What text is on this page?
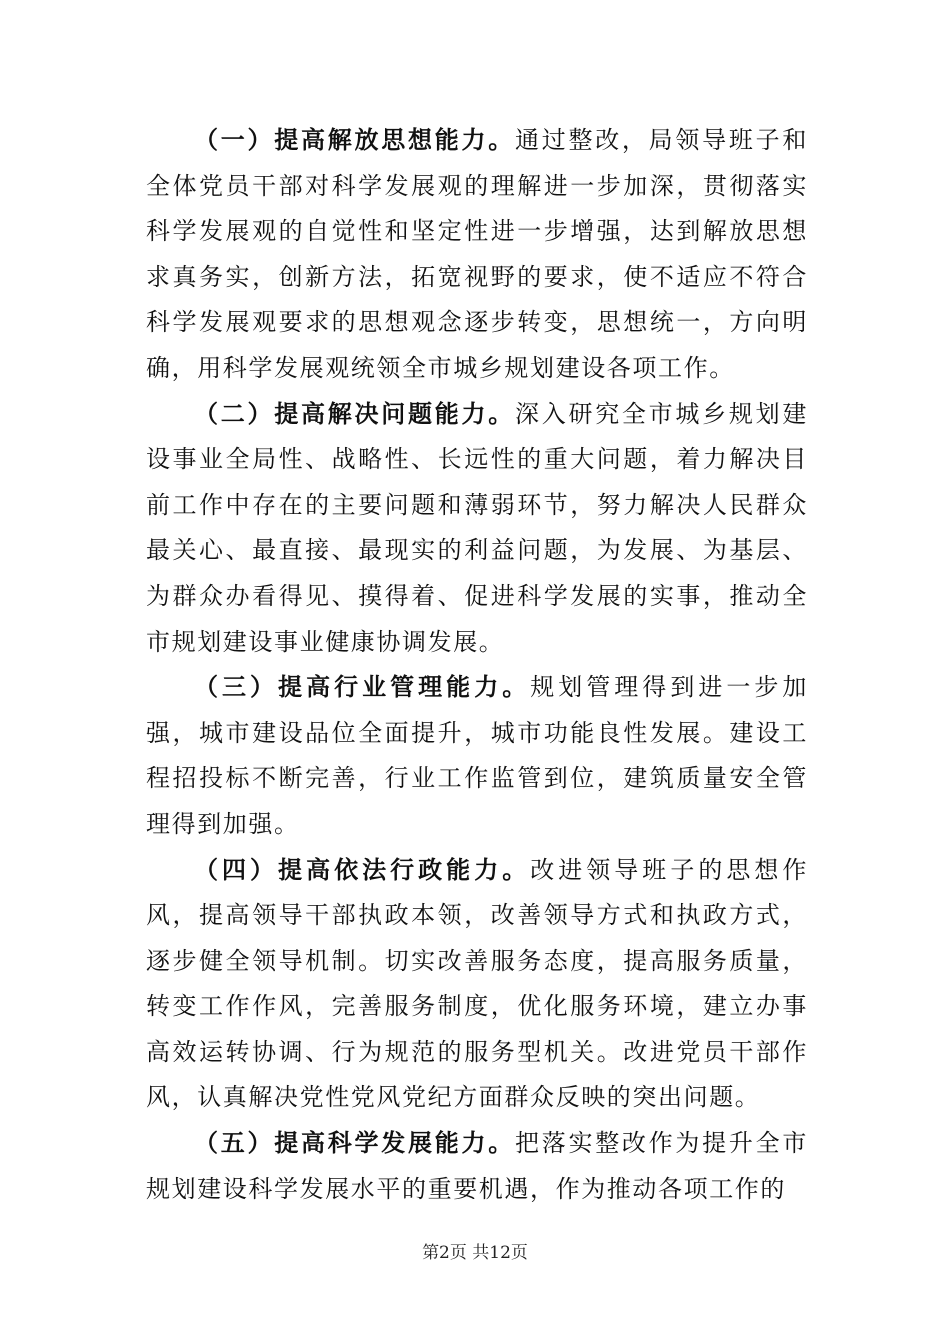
（一）提高解放思想能力。通过整改，局领导班子和全体党员干部对科学发展观的理解进一步加深，贯彻落实科学发展观的自觉性和坚定性进一步增强，达到解放思想求真务实，创新方法，拓宽视野的要求，使不适应不符合科学发展观要求的思想观念逐步转变，思想统一，方向明确，用科学发展观统领全市城乡规划建设各项工作。

（二）提高解决问题能力。深入研究全市城乡规划建设事业全局性、战略性、长远性的重大问题，着力解决目前工作中存在的主要问题和薄弱环节，努力解决人民群众最关心、最直接、最现实的利益问题，为发展、为基层、为群众办看得见、摸得着、促进科学发展的实事，推动全市规划建设事业健康协调发展。

（三）提高行业管理能力。规划管理得到进一步加强，城市建设品位全面提升，城市功能良性发展。建设工程招投标不断完善，行业工作监管到位，建筑质量安全管理得到加强。

（四）提高依法行政能力。改进领导班子的思想作风，提高领导干部执政本领，改善领导方式和执政方式，逐步健全领导机制。切实改善服务态度，提高服务质量，转变工作作风，完善服务制度，优化服务环境，建立办事高效运转协调、行为规范的服务型机关。改进党员干部作风，认真解决党性党风党纪方面群众反映的突出问题。

（五）提高科学发展能力。把落实整改作为提升全市规划建设科学发展水平的重要机遇，作为推动各项工作的

第2页 共12页
